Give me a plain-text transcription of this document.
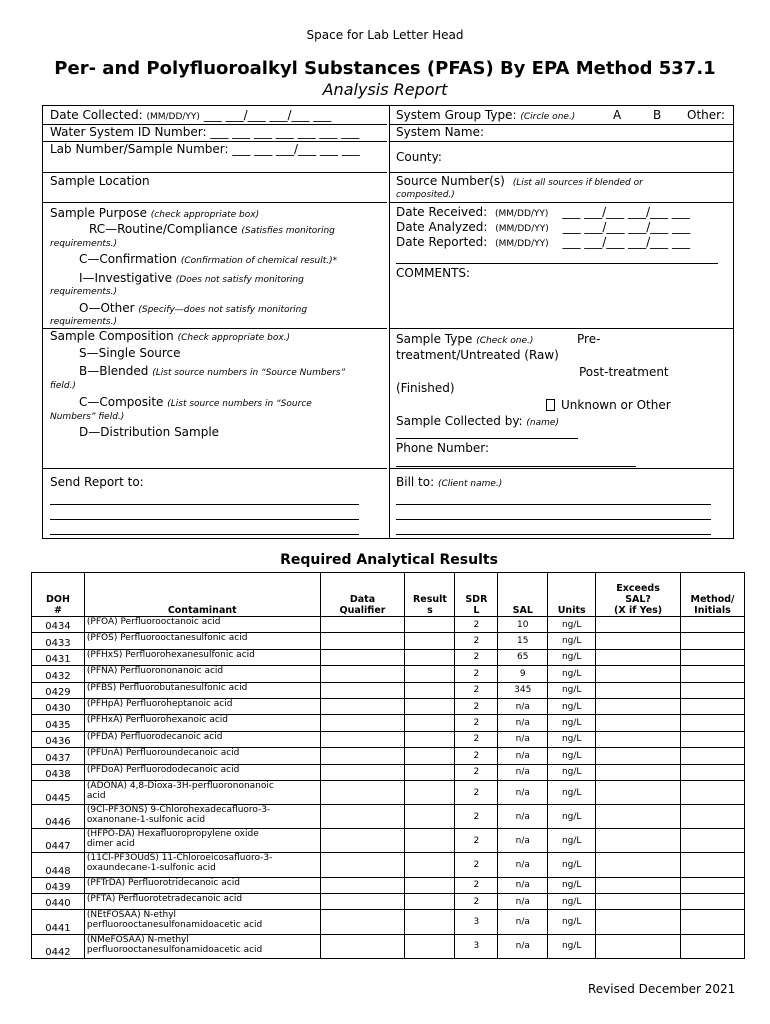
Space for Lab Letter Head
Per- and Polyfluoroalkyl Substances (PFAS) By EPA Method 537.1
Analysis Report
Date Collected: (MM/DD/YY) ___ ___/___ ___/___ ___
Water System ID Number: ___ ___ ___ ___ ___ ___ ___
Lab Number/Sample Number: ___ ___ ___/___ ___ ___
Sample Location
Sample Purpose (check appropriate box)
RC—Routine/Compliance (Satisfies monitoring
requirements.)
C—Confirmation (Confirmation of chemical result.)*
I—Investigative (Does not satisfy monitoring
requirements.)
O—Other (Specify—does not satisfy monitoring
requirements.)
Sample Composition (Check appropriate box.)
S—Single Source
B—Blended (List source numbers in “Source Numbers”
field.)
C—Composite (List source numbers in “Source
Numbers” field.)
D—Distribution Sample
Send Report to:
System Group Type: (Circle one.)	A	B Other:
System Name:
County:
Source Number(s) (List all sources if blended or
composited.)
Date Received: (MM/DD/YY) ___ ___/___ ___/___ ___
Date Analyzed: (MM/DD/YY) ___ ___/___ ___/___ ___
Date Reported: (MM/DD/YY) ___ ___/___ ___/___ ___
COMMENTS:
Sample Type (Check one.)	Pre-
treatment/Untreated (Raw)
Post-treatment
(Finished)
Unknown or Other
Sample Collected by: (name)
Phone Number:
Bill to: (Client name.)
Required Analytical Results
DOH
#	Contaminant	Data
Qualifier	Result
s	SDR
L	SAL	Units	Exceeds
SAL?
(X if Yes)	Method/
Initials
0434	(PFOA) Perfluorooctanoic acid			2	10	ng/L		
0433	(PFOS) Perfluorooctanesulfonic acid			2	15	ng/L		
0431	(PFHxS) Perfluorohexanesulfonic acid			2	65	ng/L		
0432	(PFNA) Perfluorononanoic acid			2	9	ng/L		
0429	(PFBS) Perfluorobutanesulfonic acid			2	345	ng/L		
0430	(PFHpA) Perfluoroheptanoic acid			2	n/a	ng/L		
0435	(PFHxA) Perfluorohexanoic acid			2	n/a	ng/L		
0436	(PFDA) Perfluorodecanoic acid			2	n/a	ng/L		
0437	(PFUnA) Perfluoroundecanoic acid			2	n/a	ng/L		
0438	(PFDoA) Perfluorododecanoic acid			2	n/a	ng/L		
0445	(ADONA) 4,8-Dioxa-3H-perfluorononanoic
acid			2	n/a	ng/L		
0446	(9Cl-PF3ONS) 9-Chlorohexadecafluoro-3-
oxanonane-1-sulfonic acid			2	n/a	ng/L		
0447	(HFPO-DA) Hexafluoropropylene oxide
dimer acid			2	n/a	ng/L		
0448	(11Cl-PF3OUdS) 11-Chloroeicosafluoro-3-
oxaundecane-1-sulfonic acid			2	n/a	ng/L		
0439	(PFTrDA) Perfluorotridecanoic acid			2	n/a	ng/L		
0440	(PFTA) Perfluorotetradecanoic acid			2	n/a	ng/L		
0441	(NEtFOSAA) N-ethyl
perfluorooctanesulfonamidoacetic acid			3	n/a	ng/L		
0442	(NMeFOSAA) N-methyl
perfluorooctanesulfonamidoacetic acid			3	n/a	ng/L		
Revised December 2021
